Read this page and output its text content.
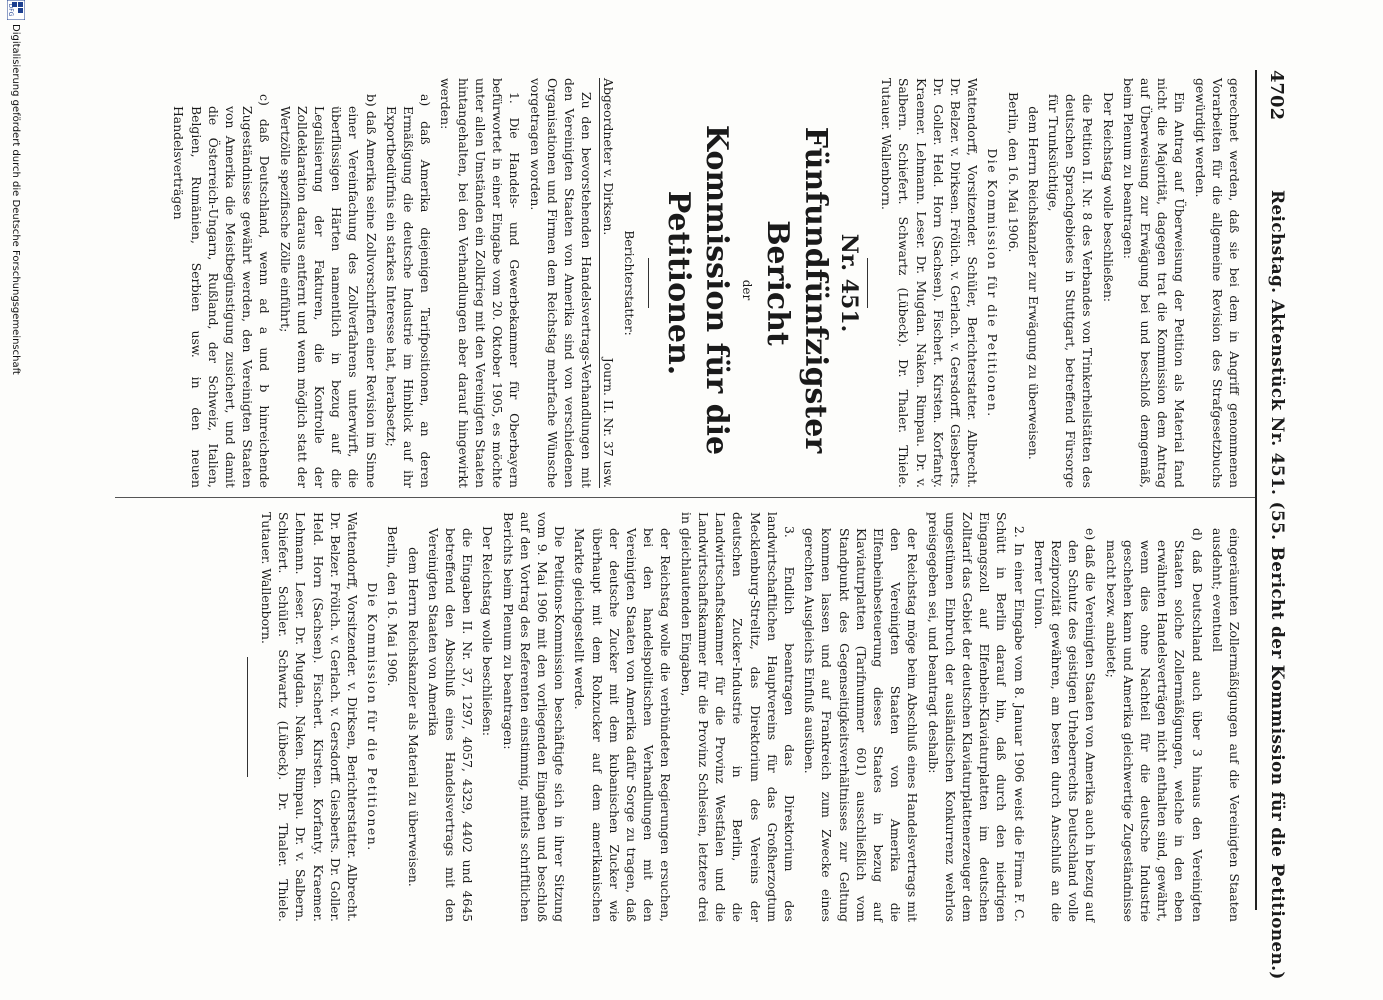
4702
Reichstag. Aktenstück Nr. 451. (55. Bericht der Kommission für die Petitionen.)

gerechnet werden, daß sie bei dem in Angriff genommenen Vorarbeiten für die allgemeine Revision des Strafgesetzbuchs gewürdigt werden.

Ein Antrag auf Überweisung der Petition als Material fand nicht die Majorität, dagegen trat die Kommission dem Antrag auf Überweisung zur Erwägung bei und beschloß demgemäß, beim Plenum zu beantragen:

Der Reichstag wolle beschließen:

die Petition II. Nr. 8 des Verbandes von Trinkerheilstätten des deutschen Sprachgebietes in Stuttgart, betreffend Fürsorge für Trunksüchtige,

dem Herrn Reichskanzler zur Erwägung zu überweisen.

Berlin, den 16. Mai 1906.

Die Kommission für die Petitionen.

Wattendorff, Vorsitzender. Schüler, Berichterstatter. Albrecht. Dr. Belzer. v. Dirksen. Frölich. v. Gerlach. v. Gersdorff. Giesberts. Dr. Goller. Held. Horn (Sachsen). Fischert. Kirsten. Korfanty. Kraemer. Lehmann. Leser. Dr. Mugdan. Naken. Rimpau. Dr. v. Salbern. Schiefert. Schwartz (Lübeck). Dr. Thaler. Thiele. Tutauer. Wallenborn.

Nr. 451.

Fünfundfünfzigster Bericht

der

Kommission für die Petitionen.

Berichterstatter:

Abgeordneter v. Dirksen.
Journ. II. Nr. 37 usw.

Zu den bevorstehenden Handelsvertrags-Verhandlungen mit den Vereinigten Staaten von Amerika sind von verschiedenen Organisationen und Firmen dem Reichstag mehrfache Wünsche vorgetragen worden.

1. Die Handels- und Gewerbekammer für Oberbayern befürwortet in einer Eingabe vom 20. Oktober 1905, es möchte unter allen Umständen ein Zollkrieg mit den Vereinigten Staaten hintangehalten, bei den Verhandlungen aber darauf hingewirkt werden:

a) daß Amerika diejenigen Tarifpositionen, an deren Ermäßigung die deutsche Industrie im Hinblick auf ihr Exportbedürfnis ein starkes Interesse hat, herabsetzt;

b) daß Amerika seine Zollvorschriften einer Revision im Sinne einer Vereinfachung des Zollverfahrens unterwirft, die überflüssigen Härten namentlich in bezug auf die Legalisierung der Fakturen, die Kontrolle der Zolldeklaration daraus entfernt und wenn möglich statt der Wertzölle spezifische Zölle einführt;

c) daß Deutschland, wenn ad a und b hinreichende Zugeständnisse gewährt werden, den Vereinigten Staaten von Amerika die Meistbegünstigung zusichert, und damit die Österreich-Ungarn, Rußland, der Schweiz, Italien, Belgien, Rumänien, Serbien usw. in den neuen Handelsverträgen

eingeräumten Zollermäßigungen auf die Vereinigten Staaten ausdehnt; eventuell

d) daß Deutschland auch über 3 hinaus den Vereinigten Staaten solche Zollermäßigungen, welche in den eben erwähnten Handelsverträgen nicht enthalten sind, gewährt, wenn dies ohne Nachteil für die deutsche Industrie geschehen kann und Amerika gleichwertige Zugeständnisse macht bezw. anbietet;

e) daß die Vereinigten Staaten von Amerika auch in bezug auf den Schutz des geistigen Urheberrechts Deutschland volle Reziprozität gewähren, am besten durch Anschluß an die Berner Union.

2. In einer Eingabe vom 8. Januar 1906 weist die Firma F. C. Schütt in Berlin darauf hin, daß durch den niedrigen Eingangszoll auf Elfenbein-Klaviaturplatten im deutschen Zolltarif das Gebiet der deutschen Klaviaturplattenerzeuger dem ungestümen Einbruch der ausländischen Konkurrenz wehrlos preisgegeben sei, und beantragt deshalb:

der Reichstag möge beim Abschluß eines Handelsvertrags mit den Vereinigten Staaten von Amerika die Elfenbeinbesteuerung dieses Staates in bezug auf Klaviaturplatten (Tarifnummer 601) ausschließlich vom Standpunkt des Gegenseitigkeitsverhältnisses zur Geltung kommen lassen und auf Frankreich zum Zwecke eines gerechten Ausgleichs Einfluß ausüben.

3. Endlich beantragen das Direktorium des landwirtschaftlichen Hauptvereins für das Großherzogtum Mecklenburg-Strelitz, das Direktorium des Vereins der deutschen Zucker-Industrie in Berlin, die Landwirtschaftskammer für die Provinz Westfalen und die Landwirtschaftskammer für die Provinz Schlesien, letztere drei in gleichlautenden Eingaben,

der Reichstag wolle die verbündeten Regierungen ersuchen, bei den handelspolitischen Verhandlungen mit den Vereinigten Staaten von Amerika dafür Sorge zu tragen, daß der deutsche Zucker mit dem kubanischen Zucker wie überhaupt mit dem Rohzucker auf dem amerikanischen Markte gleichgestellt werde.

Die Petitions-Kommission beschäftigte sich in ihrer Sitzung vom 9. Mai 1906 mit den vorliegenden Eingaben und beschloß auf den Vortrag des Referenten einstimmig, mittels schriftlichen Berichts beim Plenum zu beantragen:

Der Reichstag wolle beschließen:

die Eingaben II. Nr. 37, 1297, 4057, 4329, 4402 und 4645 betreffend den Abschluß eines Handelsvertrags mit den Vereinigten Staaten von Amerika

dem Herrn Reichskanzler als Material zu überweisen.

Berlin, den 16. Mai 1906.

Die Kommission für die Petitionen.

Wattendorff, Vorsitzender. v. Dirksen, Berichterstatter. Albrecht. Dr. Belzer. Frölich. v. Gerlach. v. Gersdorff. Giesberts. Dr. Goller. Held. Horn (Sachsen). Fischert. Kirsten. Korfanty. Kraemer. Lehmann. Leser. Dr. Mugdan. Naken. Rimpau. Dr. v. Salbern. Schiefert. Schüler. Schwartz (Lübeck). Dr. Thaler. Thiele. Tutauer. Wallenborn.

Digitalisierung gefördert durch die Deutsche Forschungsgemeinschaft
DFG
